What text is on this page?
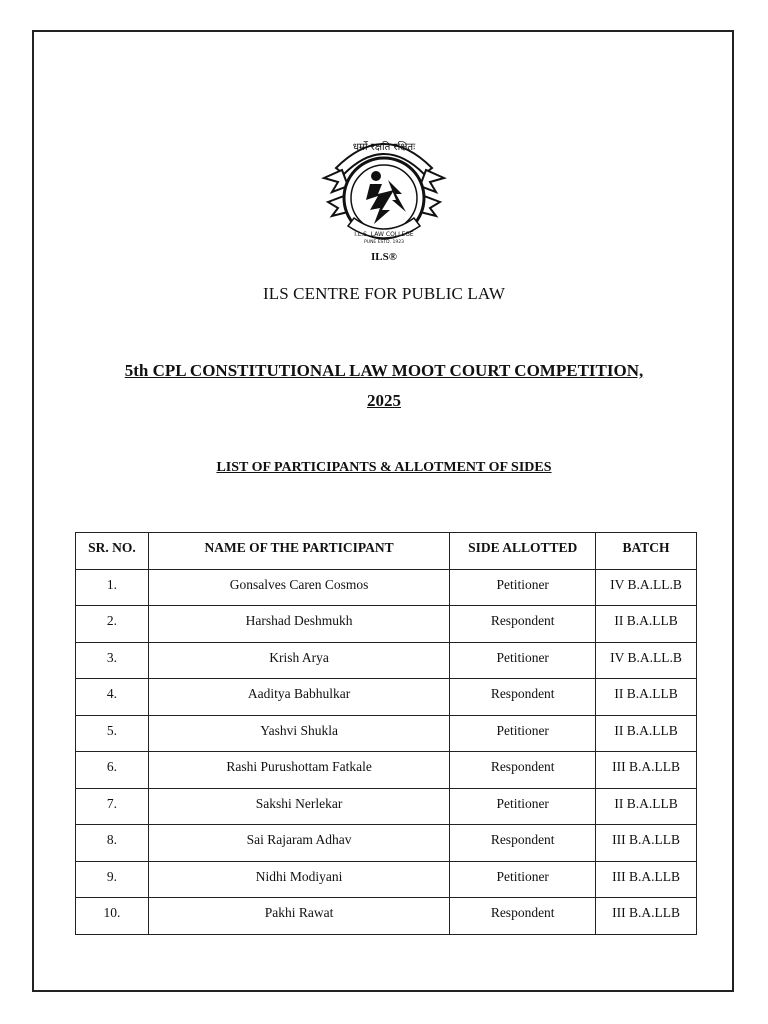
धर्मो रक्षति रक्षितः
I.L.S. LAW COLLEGE
PUNE ESTD. 1923
ILS®
ILS CENTRE FOR PUBLIC LAW
5th CPL CONSTITUTIONAL LAW MOOT COURT COMPETITION,
2025
LIST OF PARTICIPANTS & ALLOTMENT OF SIDES
SR. NO.	NAME OF THE PARTICIPANT	SIDE ALLOTTED	BATCH
1.	Gonsalves Caren Cosmos	Petitioner	IV B.A.LL.B
2.	Harshad Deshmukh	Respondent	II B.A.LLB
3.	Krish Arya	Petitioner	IV B.A.LL.B
4.	Aaditya Babhulkar	Respondent	II B.A.LLB
5.	Yashvi Shukla	Petitioner	II B.A.LLB
6.	Rashi Purushottam Fatkale	Respondent	III B.A.LLB
7.	Sakshi Nerlekar	Petitioner	II B.A.LLB
8.	Sai Rajaram Adhav	Respondent	III B.A.LLB
9.	Nidhi Modiyani	Petitioner	III B.A.LLB
10.	Pakhi Rawat	Respondent	III B.A.LLB
